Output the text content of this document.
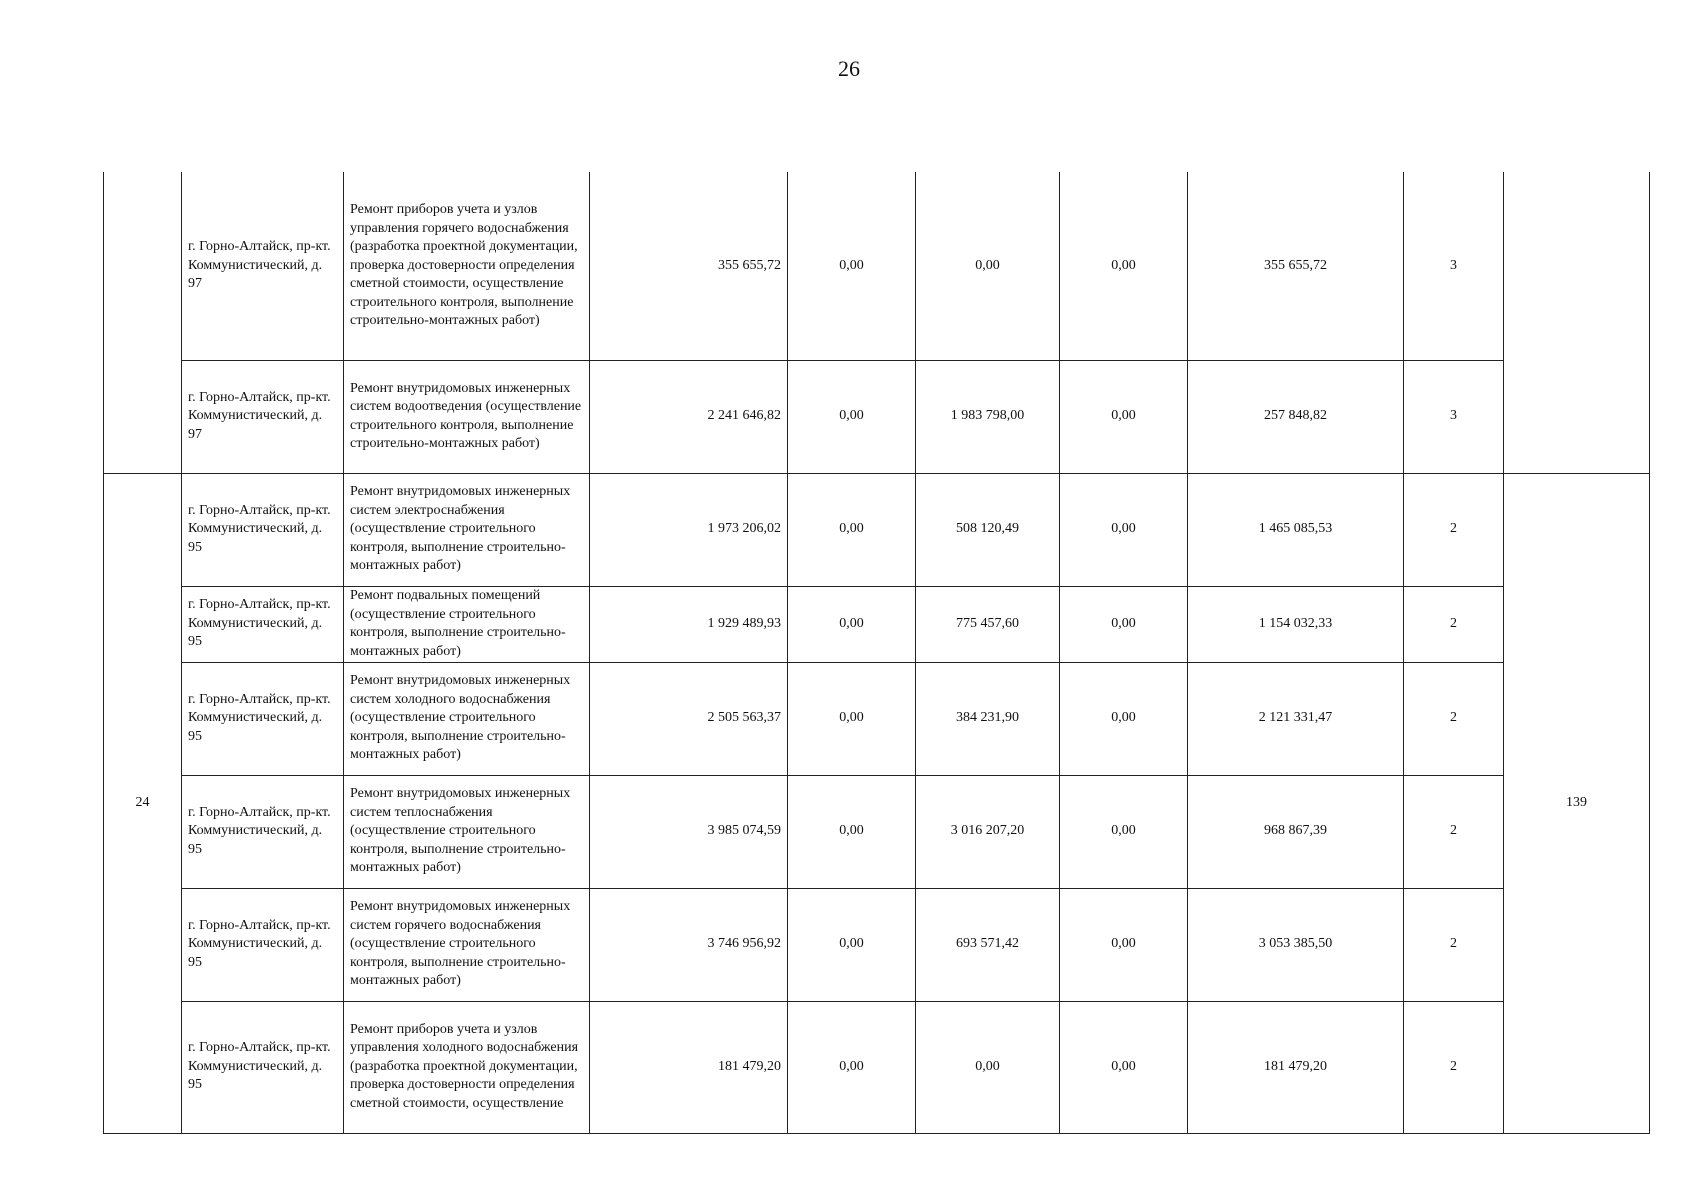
26
	г. Горно-Алтайск, пр-кт. Коммунистический, д. 97	Ремонт приборов учета и узлов управления горячего водоснабжения (разработка проектной документации, проверка достоверности определения сметной стоимости, осуществление строительного контроля, выполнение строительно-монтажных работ)	355 655,72	0,00	0,00	0,00	355 655,72	3	
	г. Горно-Алтайск, пр-кт. Коммунистический, д. 97	Ремонт внутридомовых инженерных систем водоотведения (осуществление строительного контроля, выполнение строительно-монтажных работ)	2 241 646,82	0,00	1 983 798,00	0,00	257 848,82	3	
24	г. Горно-Алтайск, пр-кт. Коммунистический, д. 95	Ремонт внутридомовых инженерных систем электроснабжения (осуществление строительного контроля, выполнение строительно-монтажных работ)	1 973 206,02	0,00	508 120,49	0,00	1 465 085,53	2	139
	г. Горно-Алтайск, пр-кт. Коммунистический, д. 95	Ремонт подвальных помещений (осуществление строительного контроля, выполнение строительно-монтажных работ)	1 929 489,93	0,00	775 457,60	0,00	1 154 032,33	2	
	г. Горно-Алтайск, пр-кт. Коммунистический, д. 95	Ремонт внутридомовых инженерных систем холодного водоснабжения (осуществление строительного контроля, выполнение строительно-монтажных работ)	2 505 563,37	0,00	384 231,90	0,00	2 121 331,47	2	
	г. Горно-Алтайск, пр-кт. Коммунистический, д. 95	Ремонт внутридомовых инженерных систем теплоснабжения (осуществление строительного контроля, выполнение строительно-монтажных работ)	3 985 074,59	0,00	3 016 207,20	0,00	968 867,39	2	
	г. Горно-Алтайск, пр-кт. Коммунистический, д. 95	Ремонт внутридомовых инженерных систем горячего водоснабжения (осуществление строительного контроля, выполнение строительно-монтажных работ)	3 746 956,92	0,00	693 571,42	0,00	3 053 385,50	2	
	г. Горно-Алтайск, пр-кт. Коммунистический, д. 95	Ремонт приборов учета и узлов управления холодного водоснабжения (разработка проектной документации, проверка достоверности определения сметной стоимости, осуществление	181 479,20	0,00	0,00	0,00	181 479,20	2	
